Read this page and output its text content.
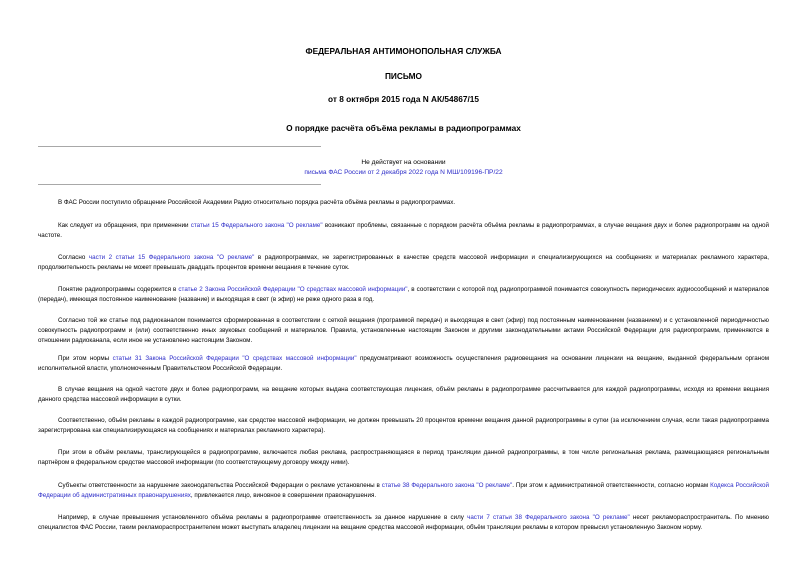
ФЕДЕРАЛЬНАЯ АНТИМОНОПОЛЬНАЯ СЛУЖБА
ПИСЬМО
от 8 октября 2015 года N АК/54867/15
О порядке расчёта объёма рекламы в радиопрограммах
Не действует на основании
письма ФАС России от 2 декабря 2022 года N МШ/109196-ПР/22

В ФАС России поступило обращение Российской Академии Радио относительно порядка расчёта объёма рекламы в радиопрограммах.

Как следует из обращения, при применении статьи 15 Федерального закона "О рекламе" возникают проблемы, связанные с порядком расчёта объёма рекламы в радиопрограммах, в случае вещания двух и более радиопрограмм на одной частоте.

Согласно части 2 статьи 15 Федерального закона "О рекламе" в радиопрограммах, не зарегистрированных в качестве средств массовой информации и специализирующихся на сообщениях и материалах рекламного характера, продолжительность рекламы не может превышать двадцать процентов времени вещания в течение суток.

Понятие радиопрограммы содержится в статье 2 Закона Российской Федерации "О средствах массовой информации", в соответствии с которой под радиопрограммой понимается совокупность периодических аудиосообщений и материалов (передач), имеющая постоянное наименование (название) и выходящая в свет (в эфир) не реже одного раза в год.

Согласно той же статье под радиоканалом понимается сформированная в соответствии с сеткой вещания (программой передач) и выходящая в свет (эфир) под постоянным наименованием (названием) и с установленной периодичностью совокупность радиопрограмм и (или) соответственно иных звуковых сообщений и материалов. Правила, установленные настоящим Законом и другими законодательными актами Российской Федерации для радиопрограмм, применяются в отношении радиоканала, если иное не установлено настоящим Законом.

При этом нормы статьи 31 Закона Российской Федерации "О средствах массовой информации" предусматривают возможность осуществления радиовещания на основании лицензии на вещание, выданной федеральным органом исполнительной власти, уполномоченным Правительством Российской Федерации.

В случае вещания на одной частоте двух и более радиопрограмм, на вещание которых выдана соответствующая лицензия, объём рекламы в радиопрограмме рассчитывается для каждой радиопрограммы, исходя из времени вещания данного средства массовой информации в сутки.

Соответственно, объём рекламы в каждой радиопрограмме, как средстве массовой информации, не должен превышать 20 процентов времени вещания данной радиопрограммы в сутки (за исключением случая, если такая радиопрограмма зарегистрирована как специализирующаяся на сообщениях и материалах рекламного характера).

При этом в объём рекламы, транслирующейся в радиопрограмме, включается любая реклама, распространяющаяся в период трансляции данной радиопрограммы, в том числе региональная реклама, размещающаяся региональным партнёром в федеральном средстве массовой информации (по соответствующему договору между ними).

Субъекты ответственности за нарушение законодательства Российской Федерации о рекламе установлены в статье 38 Федерального закона "О рекламе". При этом к административной ответственности, согласно нормам Кодекса Российской Федерации об административных правонарушениях, привлекается лицо, виновное в совершении правонарушения.

Например, в случае превышения установленного объёма рекламы в радиопрограмме ответственность за данное нарушение в силу части 7 статьи 38 Федерального закона "О рекламе" несет рекламораспространитель. По мнению специалистов ФАС России, таким рекламораспространителем может выступать владелец лицензии на вещание средства массовой информации, объём трансляции рекламы в котором превысил установленную Законом норму.
